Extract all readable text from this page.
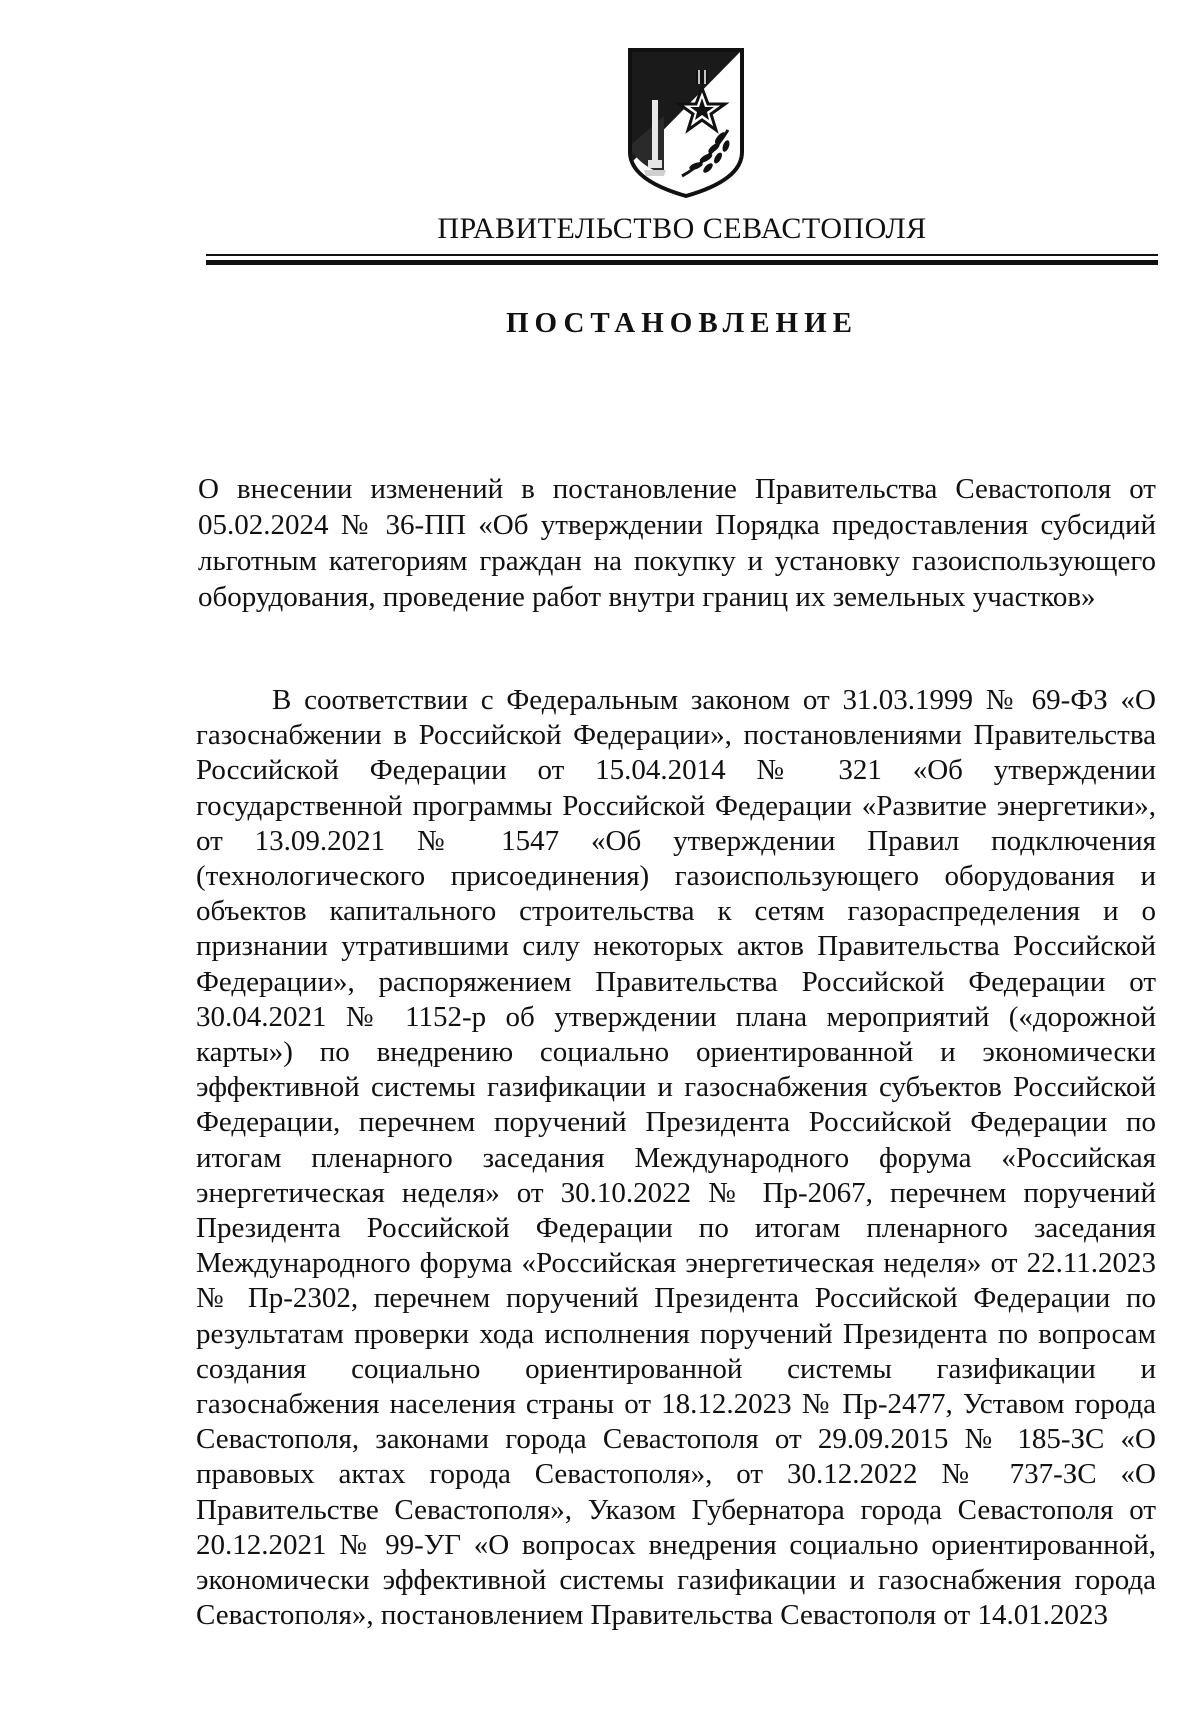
ПРАВИТЕЛЬСТВО СЕВАСТОПОЛЯ
ПОСТАНОВЛЕНИЕ
О внесении изменений в постановление Правительства Севастополя от 05.02.2024 № 36-ПП «Об утверждении Порядка предоставления субсидий льготным категориям граждан на покупку и установку газоиспользующего оборудования, проведение работ внутри границ их земельных участков»

В соответствии с Федеральным законом от 31.03.1999 № 69-ФЗ «О газоснабжении в Российской Федерации», постановлениями Правительства Российской Федерации от 15.04.2014 № 321 «Об утверждении государственной программы Российской Федерации «Развитие энергетики», от 13.09.2021 № 1547 «Об утверждении Правил подключения (технологического присоединения) газоиспользующего оборудования и объектов капитального строительства к сетям газораспределения и о признании утратившими силу некоторых актов Правительства Российской Федерации», распоряжением Правительства Российской Федерации от 30.04.2021 № 1152-р об утверждении плана мероприятий («дорожной карты») по внедрению социально ориентированной и экономически эффективной системы газификации и газоснабжения субъектов Российской Федерации, перечнем поручений Президента Российской Федерации по итогам пленарного заседания Международного форума «Российская энергетическая неделя» от 30.10.2022 № Пр-2067, перечнем поручений Президента Российской Федерации по итогам пленарного заседания Международного форума «Российская энергетическая неделя» от 22.11.2023 № Пр-2302, перечнем поручений Президента Российской Федерации по результатам проверки хода исполнения поручений Президента по вопросам создания социально ориентированной системы газификации и газоснабжения населения страны от 18.12.2023 № Пр-2477, Уставом города Севастополя, законами города Севастополя от 29.09.2015 № 185-ЗС «О правовых актах города Севастополя», от 30.12.2022 № 737-ЗС «О Правительстве Севастополя», Указом Губернатора города Севастополя от 20.12.2021 № 99-УГ «О вопросах внедрения социально ориентированной, экономически эффективной системы газификации и газоснабжения города Севастополя», постановлением Правительства Севастополя от 14.01.2023
